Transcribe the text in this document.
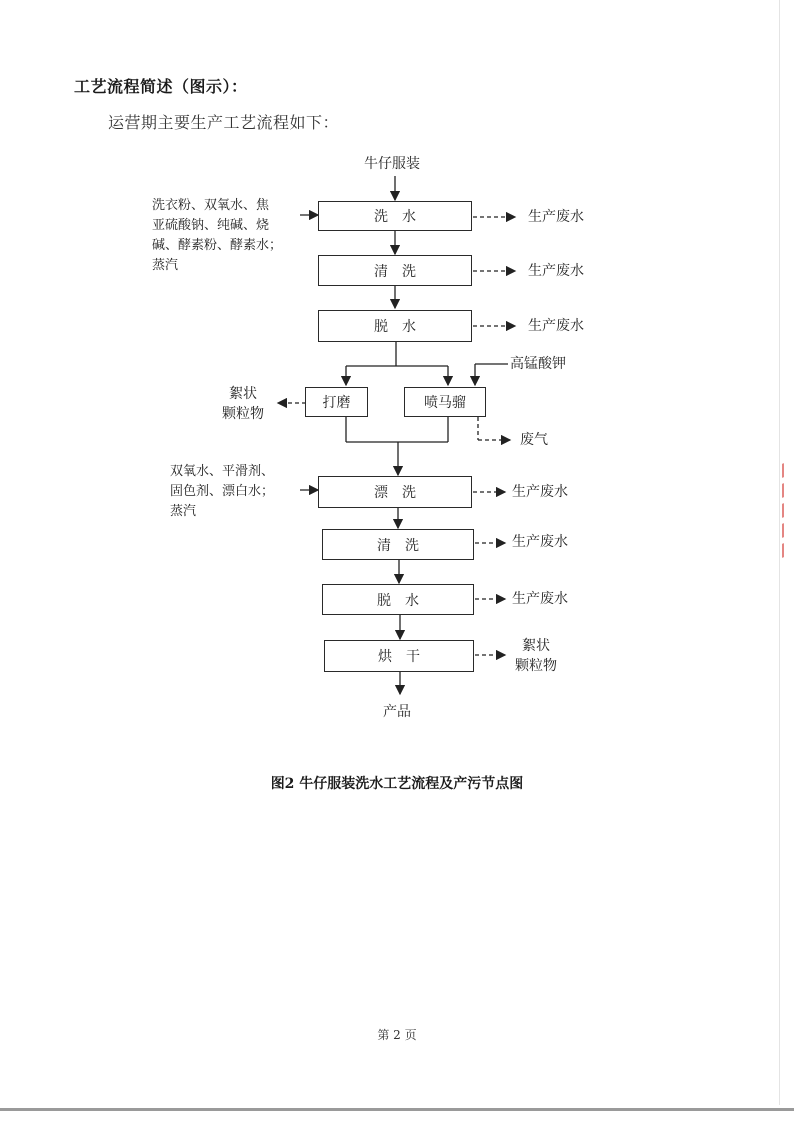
工艺流程简述（图示）：
运营期主要生产工艺流程如下：
牛仔服装
洗衣粉、双氧水、焦
亚硫酸钠、纯碱、烧
碱、酵素粉、酵素水；
蒸汽
洗　水
清　洗
脱　水
打磨	喷马骝
漂　洗
清　洗
脱　水
烘　干
生产废水
生产废水
生产废水
高锰酸钾
絮状
颗粒物
废气
双氧水、平滑剂、
固色剂、漂白水；
蒸汽
生产废水
生产废水
生产废水
絮状
颗粒物
产品
图2 牛仔服装洗水工艺流程及产污节点图
第 2 页
